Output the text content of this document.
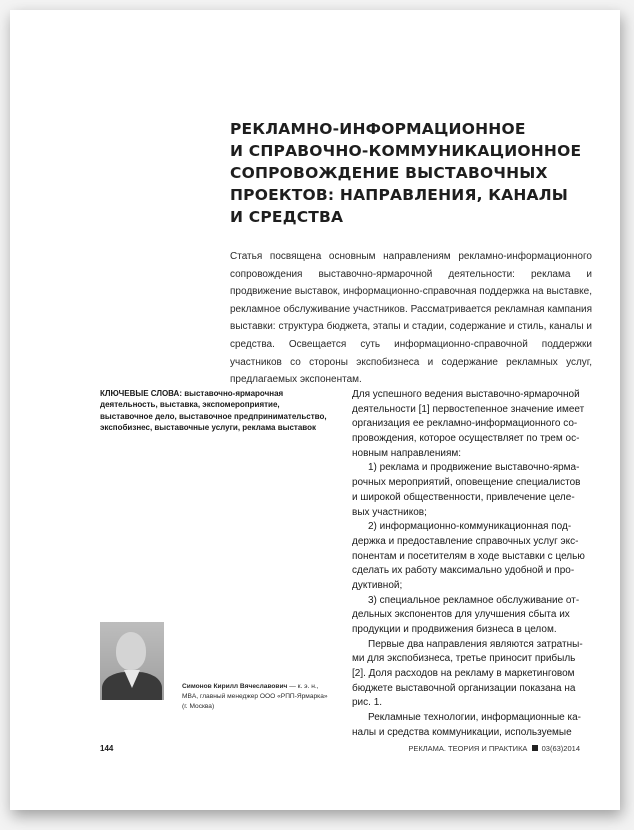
РЕКЛАМНО-ИНФОРМАЦИОННОЕ
И СПРАВОЧНО-КОММУНИКАЦИОННОЕ
СОПРОВОЖДЕНИЕ ВЫСТАВОЧНЫХ
ПРОЕКТОВ: НАПРАВЛЕНИЯ, КАНАЛЫ
И СРЕДСТВА
Статья посвящена основным направлениям рекламно-информационного сопровождения выставочно-ярмарочной деятельности: реклама и продвижение выставок, информационно-справочная поддержка на выставке, рекламное обслуживание участников. Рассматривается рекламная кампания выставки: структура бюджета, этапы и стадии, содержание и стиль, каналы и средства. Освещается суть информационно-справочной поддержки участников со стороны экспобизнеса и содержание рекламных услуг, предлагаемых экспонентам.
КЛЮЧЕВЫЕ СЛОВА: выставочно-ярмарочная деятельность, выставка, экспомероприятие, выставочное дело, выставочное предпринимательство, экспобизнес, выставочные услуги, реклама выставок
Для успешного ведения выставочно-ярмарочной
деятельности [1] первостепенное значение имеет
организация ее рекламно-информационного со-
провождения, которое осуществляет по трем ос-
новным направлениям:
1) реклама и продвижение выставочно-ярма-
рочных мероприятий, оповещение специалистов
и широкой общественности, привлечение целе-
вых участников;
2) информационно-коммуникационная под-
держка и предоставление справочных услуг экс-
понентам и посетителям в ходе выставки с целью
сделать их работу максимально удобной и про-
дуктивной;
3) специальное рекламное обслуживание от-
дельных экспонентов для улучшения сбыта их
продукции и продвижения бизнеса в целом.
Первые два направления являются затратны-
ми для экспобизнеса, третье приносит прибыль
[2]. Доля расходов на рекламу в маркетинговом
бюджете выставочной организации показана на
рис. 1.
Рекламные технологии, информационные ка-
налы и средства коммуникации, используемые
Симонов Кирилл Вячеславович — к. э. н., MBA, главный менеджер ООО «РПП-Ярмарка» (г. Москва)
144	РЕКЛАМА. ТЕОРИЯ И ПРАКТИКА 03(63)2014
